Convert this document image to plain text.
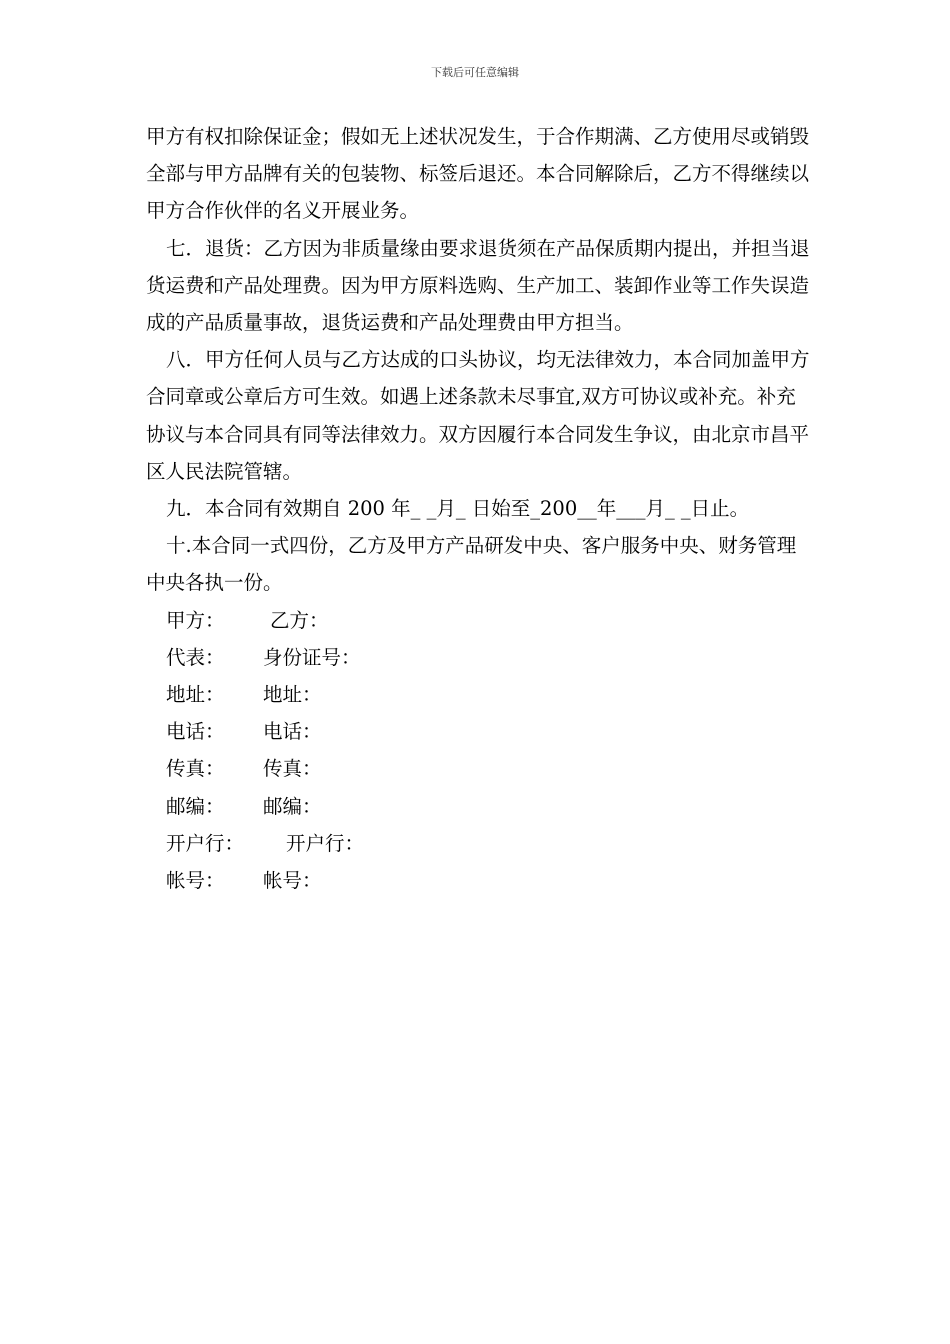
下载后可任意编辑

甲方有权扣除保证金；假如无上述状况发生，于合作期满、乙方使用尽或销毁全部与甲方品牌有关的包装物、标签后退还。本合同解除后，乙方不得继续以甲方合作伙伴的名义开展业务。

七．退货：乙方因为非质量缘由要求退货须在产品保质期内提出，并担当退货运费和产品处理费。因为甲方原料选购、生产加工、装卸作业等工作失误造成的产品质量事故，退货运费和产品处理费由甲方担当。

八．甲方任何人员与乙方达成的口头协议，均无法律效力，本合同加盖甲方合同章或公章后方可生效。如遇上述条款未尽事宜,双方可协议或补充。补充协议与本合同具有同等法律效力。双方因履行本合同发生争议，由北京市昌平区人民法院管辖。

九．本合同有效期自 200 年_ _月_ 日始至_200__年___月_ _日止。

十.本合同一式四份，乙方及甲方产品研发中央、客户服务中央、财务管理中央各执一份。

甲方：	乙方：
代表：	身份证号：
地址：	地址：
电话：	电话：
传真：	传真：
邮编：	邮编：
开户行：	开户行：
帐号：	帐号：
